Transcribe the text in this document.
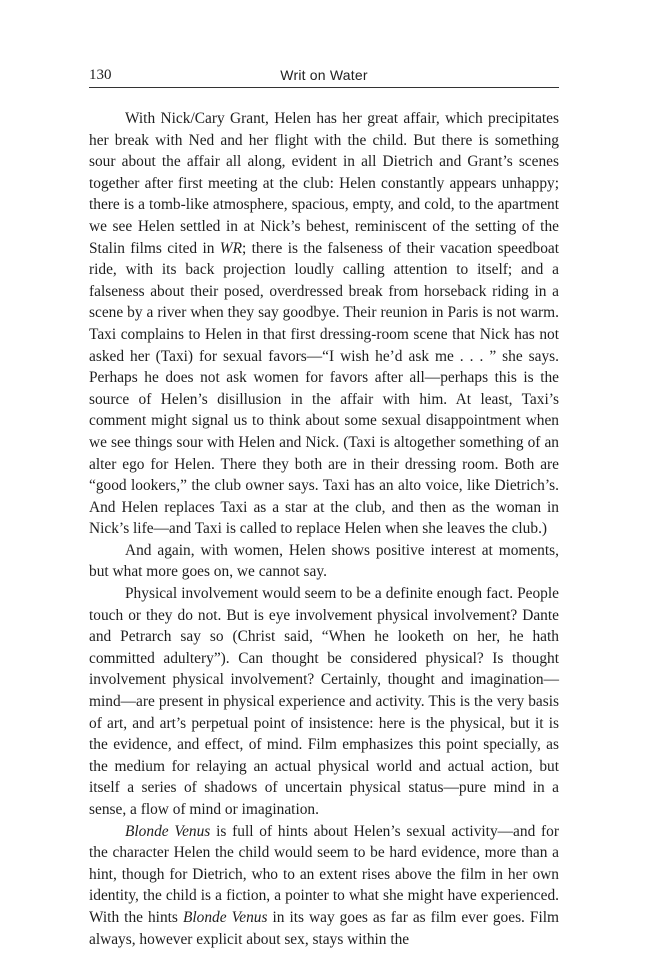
130	Writ on Water

With Nick/Cary Grant, Helen has her great affair, which precipitates her break with Ned and her flight with the child. But there is something sour about the affair all along, evident in all Dietrich and Grant’s scenes together after first meeting at the club: Helen constantly appears unhappy; there is a tomb-like atmosphere, spacious, empty, and cold, to the apartment we see Helen settled in at Nick’s behest, reminiscent of the setting of the Stalin films cited in WR; there is the falseness of their vacation speedboat ride, with its back projection loudly calling attention to itself; and a falseness about their posed, overdressed break from horseback riding in a scene by a river when they say goodbye. Their reunion in Paris is not warm. Taxi complains to Helen in that first dressing-room scene that Nick has not asked her (Taxi) for sexual favors—“I wish he’d ask me . . . ” she says. Perhaps he does not ask women for favors after all—perhaps this is the source of Helen’s disillusion in the affair with him. At least, Taxi’s comment might signal us to think about some sexual disappointment when we see things sour with Helen and Nick. (Taxi is altogether something of an alter ego for Helen. There they both are in their dressing room. Both are “good lookers,” the club owner says. Taxi has an alto voice, like Dietrich’s. And Helen replaces Taxi as a star at the club, and then as the woman in Nick’s life—and Taxi is called to replace Helen when she leaves the club.)

And again, with women, Helen shows positive interest at moments, but what more goes on, we cannot say.

Physical involvement would seem to be a definite enough fact. People touch or they do not. But is eye involvement physical involvement? Dante and Petrarch say so (Christ said, “When he looketh on her, he hath committed adultery”). Can thought be considered physical? Is thought involvement physical involvement? Certainly, thought and imagination—mind—are present in physical experience and activity. This is the very basis of art, and art’s perpetual point of insistence: here is the physical, but it is the evidence, and effect, of mind. Film emphasizes this point specially, as the medium for relaying an actual physical world and actual action, but itself a series of shadows of uncertain physical status—pure mind in a sense, a flow of mind or imagination.

Blonde Venus is full of hints about Helen’s sexual activity—and for the character Helen the child would seem to be hard evidence, more than a hint, though for Dietrich, who to an extent rises above the film in her own identity, the child is a fiction, a pointer to what she might have experienced. With the hints Blonde Venus in its way goes as far as film ever goes. Film always, however explicit about sex, stays within the
